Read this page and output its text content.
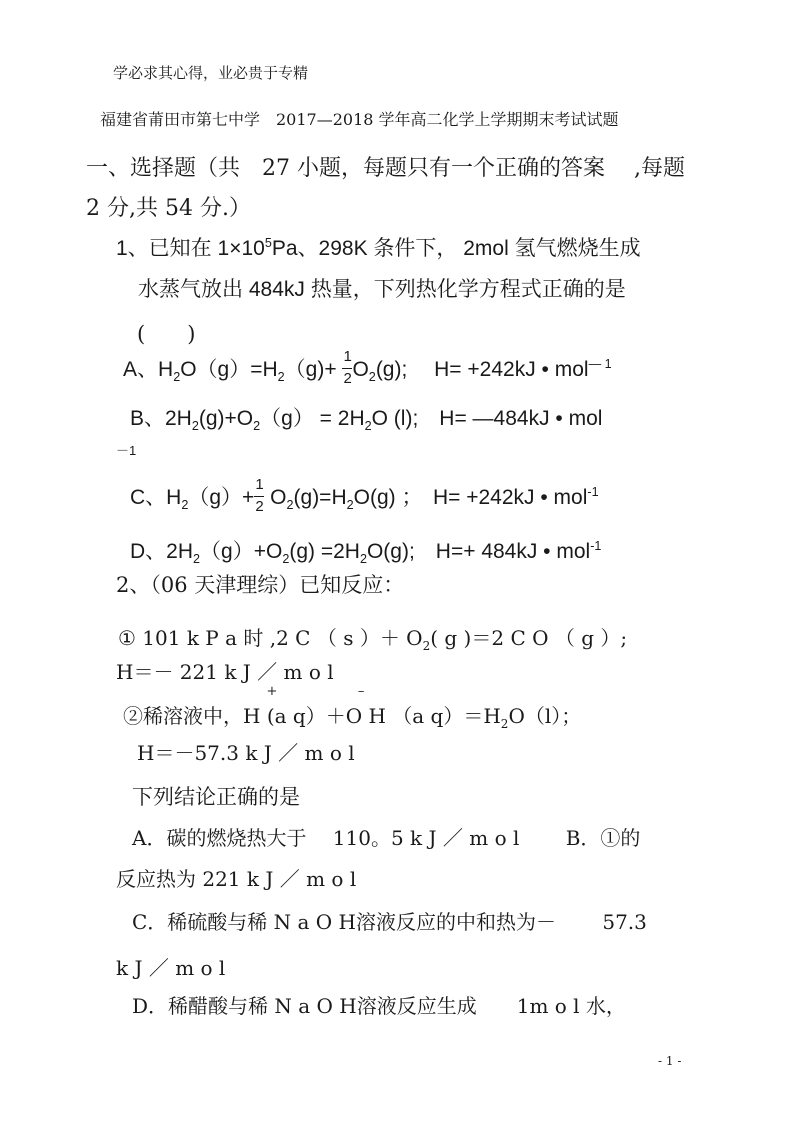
学必求其心得，业必贵于专精
福建省莆田市第七中学　2017—2018 学年高二化学上学期期末考试试题
一、选择题（共　27 小题，每题只有一个正确的答案　 ,每题
2 分,共 54 分.）
1、已知在 $1\times 10^5Pa$、298K 条件下， 2mol 氢气燃烧生成
水蒸气放出 484kJ 热量，下列热化学方程式正确的是
(　　)
A、$H_2O(g)=H_2(g)+ \frac{1}{2} O_2(g)$;　 H= +242kJ • mol$^{— 1}$
B、$2H_2(g)+O_2(g) = 2H_2O$ (l);　H= —484kJ • mol
－1
C、$H_2(g)+ \frac{1}{2} O_2(g)=H_2O(g)$ ；　H= +242kJ • mol$^{-1}$
D、$2H_2(g)+O_2(g) =2H_2O(g)$;　H=+ 484kJ • mol$^{-1}$
2、（06 天津理综）已知反应：
① 101 k P a 时 ,2 C （ s ）＋ $O_2$( g )＝2 C O （ g ）;
H＝－ 221 k J ／ m o l
②稀溶液中，H
+
(a q）＋O H
–
（a $q)=H_2O(l)$；
H＝－57.3 k J ／ m o l
下列结论正确的是
A．碳的燃烧热大于　 110。5 k J ／ m o l　　 B．①的
反应热为 221 k J ／ m o l
C．稀硫酸与稀 N a O H溶液反应的中和热为－　　 57.3
k J ／ m o l
D．稀醋酸与稀 N a O H溶液反应生成　　1m o l 水，
- 1 -
